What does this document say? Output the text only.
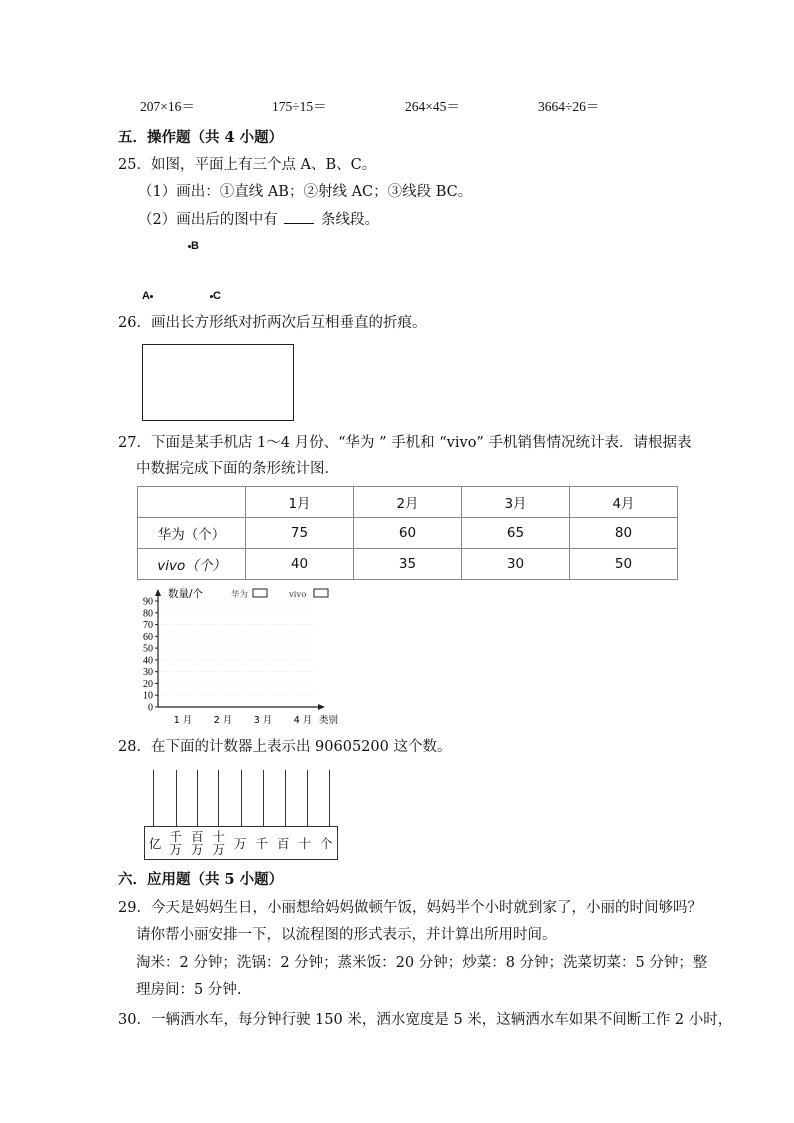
207×16＝	175÷15＝	264×45＝	3664÷26＝
五．操作题（共 4 小题）
25．如图，平面上有三个点 A、B、C。
（1）画出：①直线 AB；②射线 AC；③线段 BC。
（2）画出后的图中有	条线段。
B
A	C
26．画出长方形纸对折两次后互相垂直的折痕。
27．下面是某手机店 1～4 月份、“华为 ” 手机和 “vivo” 手机销售情况统计表．请根据表
中数据完成下面的条形统计图．
	1月	2月	3月	4月
华为（个）	75	60	65	80
vivo（个）	40	35	30	50
0
10
20
30
40
50
60
70
80
90
数量/个	华为	vivo
1 月 2 月 3 月 4 月 类别
28．在下面的计数器上表示出 90605200 这个数。
亿 千
万
百
万
十
万 万 千 百 十 个
六．应用题（共 5 小题）
29．今天是妈妈生日，小丽想给妈妈做顿午饭，妈妈半个小时就到家了，小丽的时间够吗？
请你帮小丽安排一下，以流程图的形式表示，并计算出所用时间。
淘米：2 分钟；洗锅：2 分钟；蒸米饭：20 分钟；炒菜：8 分钟；洗菜切菜：5 分钟；整
理房间：5 分钟.
30．一辆洒水车，每分钟行驶 150 米，洒水宽度是 5 米，这辆洒水车如果不间断工作 2 小时，
